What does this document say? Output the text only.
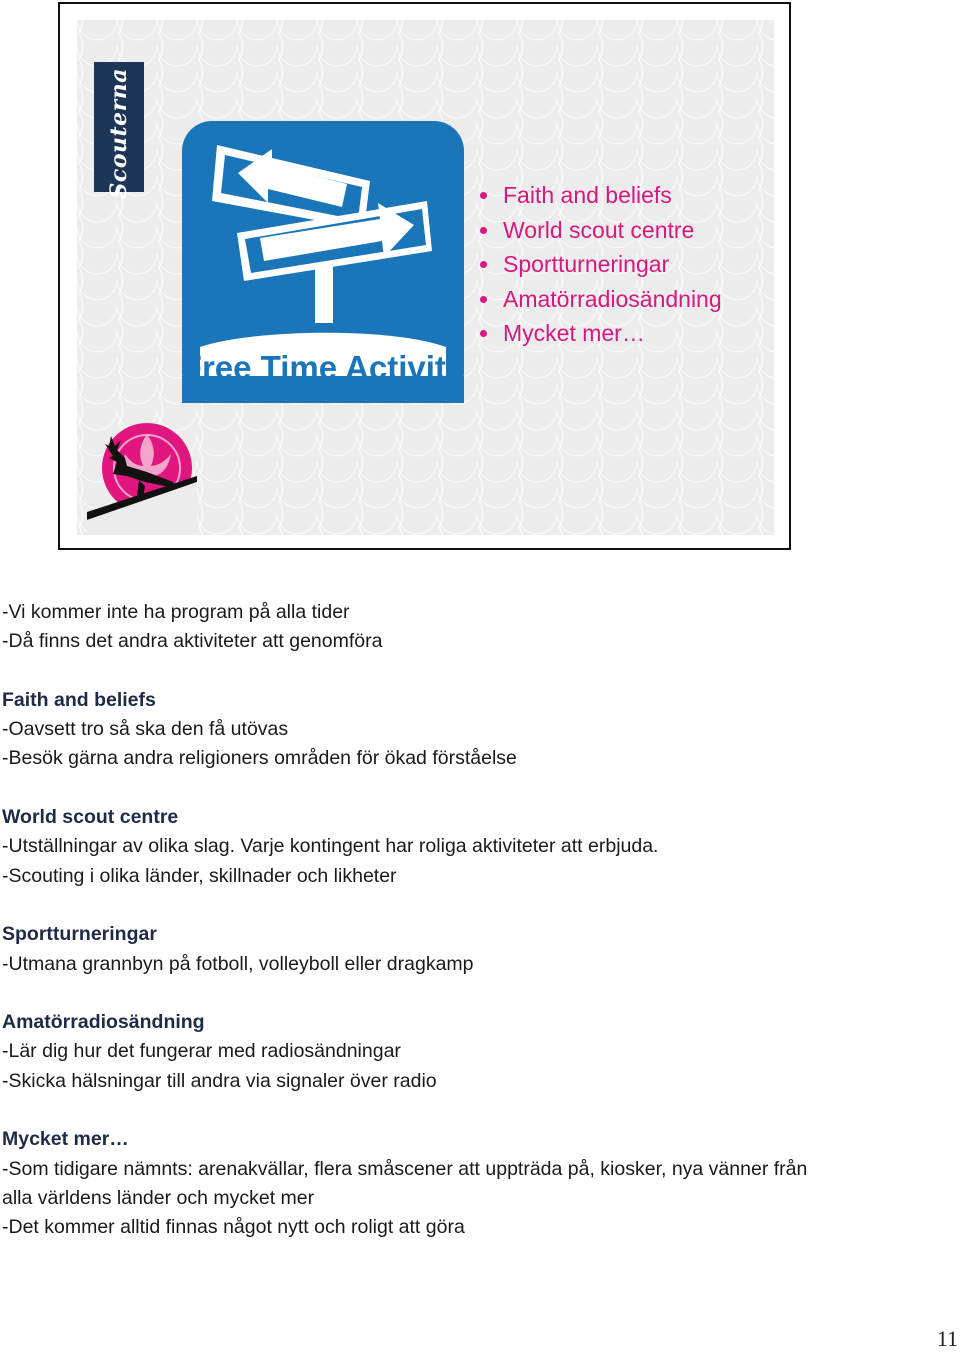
Scouterna
Free Time Activity
Faith and beliefs
World scout centre
Sportturneringar
Amatörradiosändning
Mycket mer…

-Vi kommer inte ha program på alla tider

-Då finns det andra aktiviteter att genomföra

Faith and beliefs

-Oavsett tro så ska den få utövas

-Besök gärna andra religioners områden för ökad förståelse

World scout centre

-Utställningar av olika slag. Varje kontingent har roliga aktiviteter att erbjuda.

-Scouting i olika länder, skillnader och likheter

Sportturneringar

-Utmana grannbyn på fotboll, volleyboll eller dragkamp

Amatörradiosändning

-Lär dig hur det fungerar med radiosändningar

-Skicka hälsningar till andra via signaler över radio

Mycket mer…

-Som tidigare nämnts: arenakvällar, flera småscener att uppträda på, kiosker, nya vänner från alla världens länder och mycket mer

-Det kommer alltid finnas något nytt och roligt att göra

11
